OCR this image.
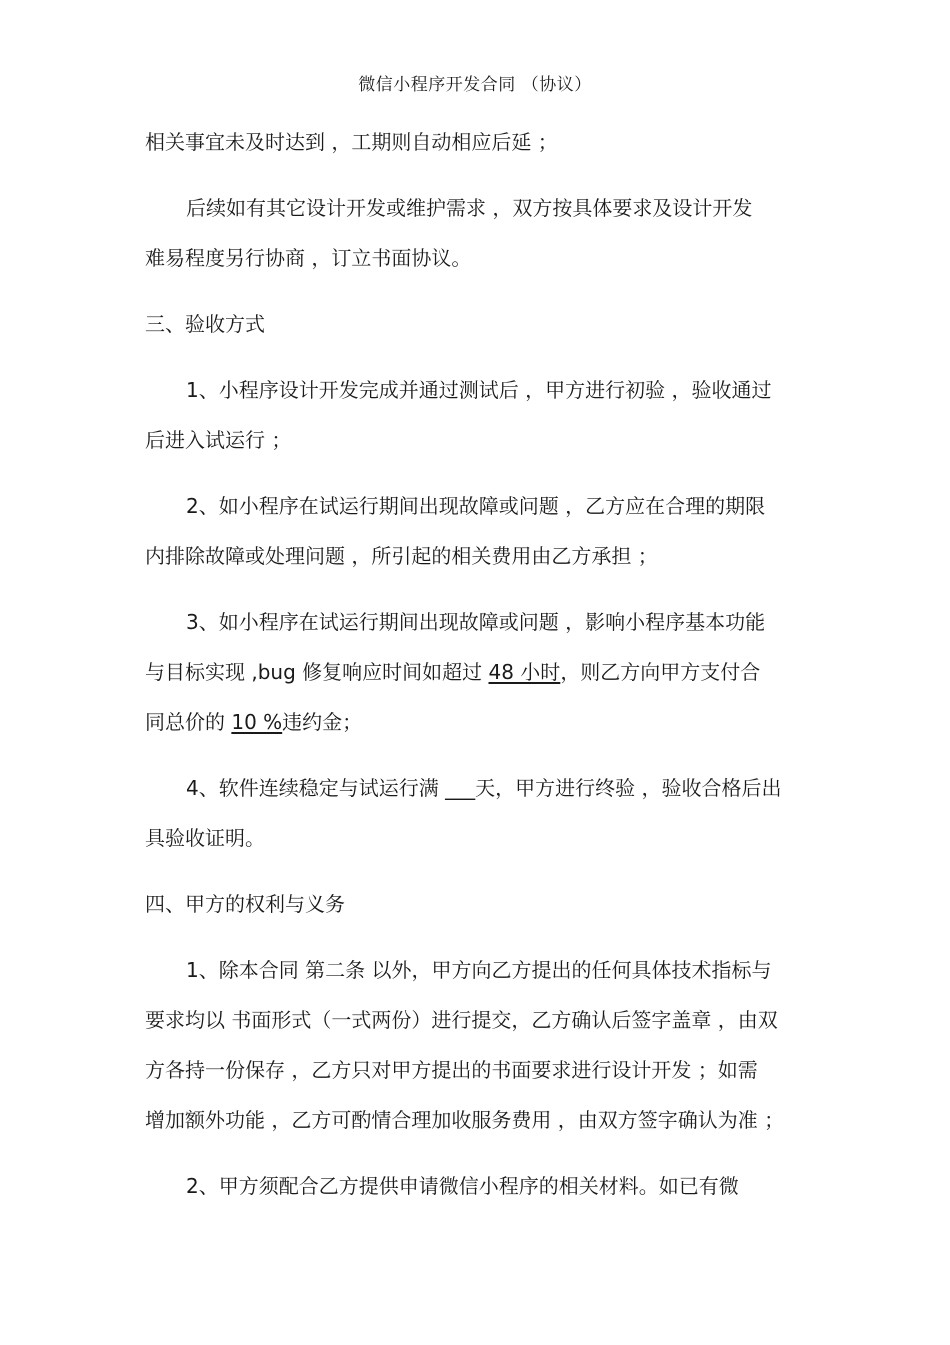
微信小程序开发合同 （协议）

相关事宜未及时达到 ，工期则自动相应后延 ；

后续如有其它设计开发或维护需求 ，双方按具体要求及设计开发

难易程度另行协商 ，订立书面协议。

三、验收方式

1、小程序设计开发完成并通过测试后 ，甲方进行初验 ，验收通过

后进入试运行 ；

2、如小程序在试运行期间出现故障或问题 ，乙方应在合理的期限

内排除故障或处理问题 ，所引起的相关费用由乙方承担 ；

3、如小程序在试运行期间出现故障或问题 ，影响小程序基本功能

与目标实现 ,bug 修复响应时间如超过 48 小时，则乙方向甲方支付合

同总价的 10 %违约金；

4、软件连续稳定与试运行满 ___天，甲方进行终验 ，验收合格后出

具验收证明。

四、甲方的权利与义务

1、除本合同 第二条 以外，甲方向乙方提出的任何具体技术指标与

要求均以 书面形式（一式两份）进行提交，乙方确认后签字盖章 ，由双

方各持一份保存 ，乙方只对甲方提出的书面要求进行设计开发 ；如需

增加额外功能 ，乙方可酌情合理加收服务费用 ，由双方签字确认为准 ；

2、甲方须配合乙方提供申请微信小程序的相关材料。如已有微
